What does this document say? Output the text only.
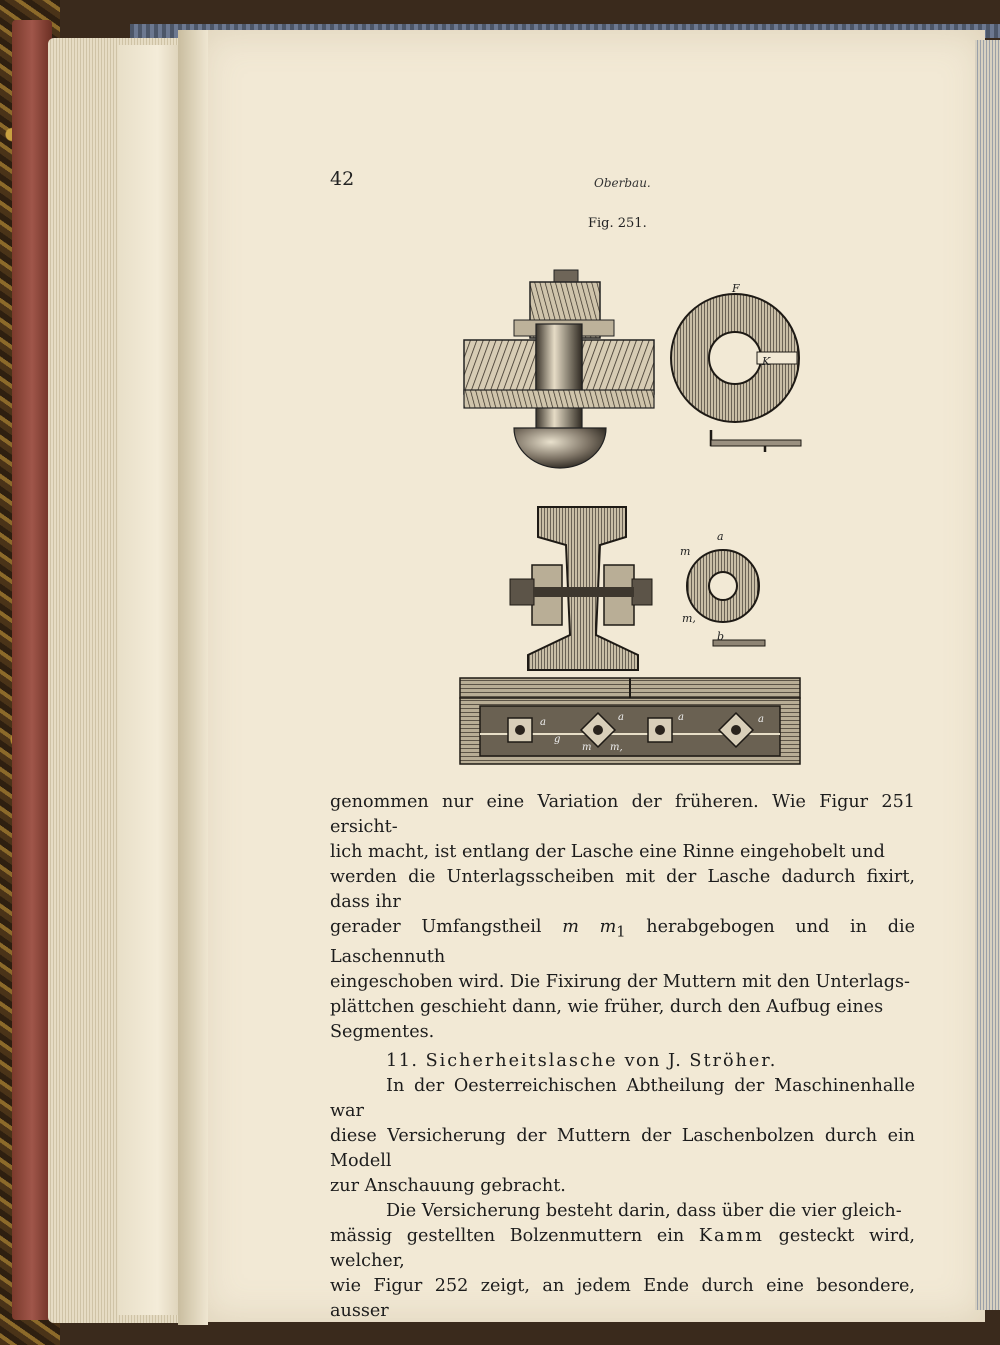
42	Oberbau.
Fig. 251.
F
K
a
m
m,
b
a	a	a	a
g
m m,

genommen nur eine Variation der früheren. Wie Figur 251 ersicht-

lich macht, ist entlang der Lasche eine Rinne eingehobelt und

werden die Unterlagsscheiben mit der Lasche dadurch fixirt, dass ihr

gerader Umfangstheil m $m_1$ herabgebogen und in die Laschennuth

eingeschoben wird. Die Fixirung der Muttern mit den Unterlags-

plättchen geschieht dann, wie früher, durch den Aufbug eines

Segmentes.

11. Sicherheitslasche von J. Ströher.

In der Oesterreichischen Abtheilung der Maschinenhalle war

diese Versicherung der Muttern der Laschenbolzen durch ein Modell

zur Anschauung gebracht.

Die Versicherung besteht darin, dass über die vier gleich-

mässig gestellten Bolzenmuttern ein Kamm gesteckt wird, welcher,

wie Figur 252 zeigt, an jedem Ende durch eine besondere, ausser
